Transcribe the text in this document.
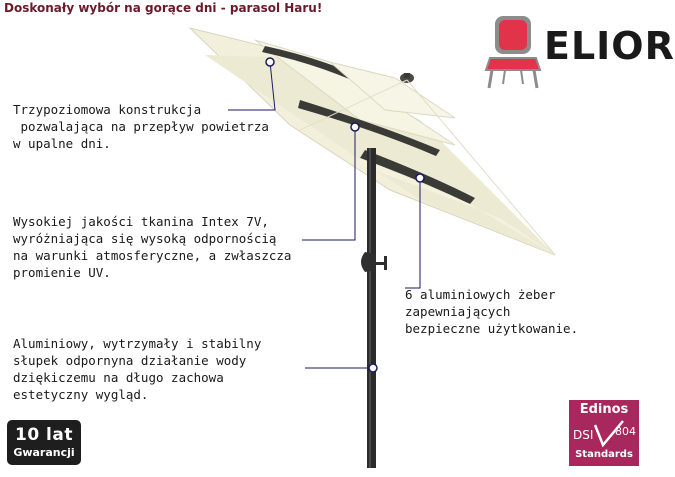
Doskonały wybór na gorące dni - parasol Haru!
ELIOR
Trzypoziomowa konstrukcja
pozwalająca na przepływ powietrza
w upalne dni.
Wysokiej jakości tkanina Intex 7V,
wyróżniająca się wysoką odpornością
na warunki atmosferyczne, a zwłaszcza
promienie UV.
6 aluminiowych żeber
zapewniających
bezpieczne użytkowanie.
Aluminiowy, wytrzymały i stabilny
słupek odpornyna działanie wody
dziękiczemu na długo zachowa
estetyczny wygląd.
10 lat
Gwarancji
Edinos
DSI 804
Standards
